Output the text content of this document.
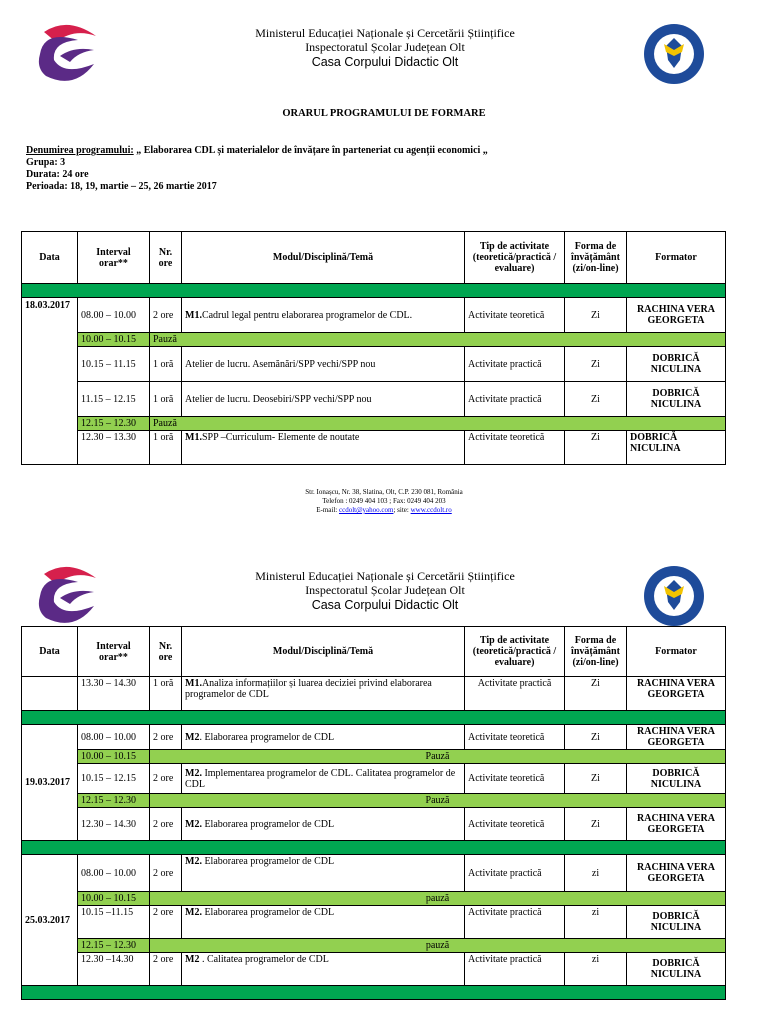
Ministerul Educației Naționale și Cercetării Științifice
Inspectoratul Școlar Județean Olt
Casa Corpului Didactic Olt
ORARUL PROGRAMULUI DE FORMARE
Denumirea programului: „ Elaborarea CDL și materialelor de învățare în parteneriat cu agenții economici „
Grupa: 3
Durata: 24 ore
Perioada: 18, 19, martie – 25, 26 martie 2017
Data	Interval orar**	Nr. ore	Modul/Disciplină/Temă	Tip de activitate (teoretică/practică / evaluare)	Forma de învățământ (zi/on-line)	Formator

18.03.2017	08.00 – 10.00	2 ore	M1.Cadrul legal pentru elaborarea programelor de CDL.	Activitate teoretică	Zi	RACHINA VERA GEORGETA
	10.00 – 10.15	Pauză				
	10.15 – 11.15	1 oră	Atelier de lucru. Asemănări/SPP vechi/SPP nou	Activitate practică	Zi	DOBRICĂ NICULINA
	11.15 – 12.15	1 oră	Atelier de lucru. Deosebiri/SPP vechi/SPP nou	Activitate practică	Zi	DOBRICĂ NICULINA
	12.15 – 12.30	Pauză				
	12.30 – 13.30	1 oră	M1.SPP –Curriculum- Elemente de noutate	Activitate teoretică	Zi	DOBRICĂ NICULINA
Str. Ionașcu, Nr. 38, Slatina, Olt, C.P. 230 081, România
Telefon : 0249 404 103 ; Fax: 0249 404 203
E-mail: ccdolt@yahoo.com; site: www.ccdolt.ro
Ministerul Educației Naționale și Cercetării Științifice
Inspectoratul Școlar Județean Olt
Casa Corpului Didactic Olt
Data	Interval orar**	Nr. ore	Modul/Disciplină/Temă	Tip de activitate (teoretică/practică / evaluare)	Forma de învățământ (zi/on-line)	Formator
	13.30 – 14.30	1 oră	M1.Analiza informațiilor și luarea deciziei privind elaborarea programelor de CDL	Activitate practică	Zi	RACHINA VERA GEORGETA

19.03.2017	08.00 – 10.00	2 ore	M2. Elaborarea programelor de CDL	Activitate teoretică	Zi	RACHINA VERA GEORGETA
	10.00 – 10.15	Pauză				
	10.15 – 12.15	2 ore	M2. Implementarea programelor de CDL. Calitatea programelor de CDL	Activitate teoretică	Zi	DOBRICĂ NICULINA
	12.15 – 12.30	Pauză				
	12.30 – 14.30	2 ore	M2. Elaborarea programelor de CDL	Activitate teoretică	Zi	RACHINA VERA GEORGETA

25.03.2017	08.00 – 10.00	2 ore	M2. Elaborarea programelor de CDL	Activitate practică	zi	RACHINA VERA GEORGETA
	10.00 – 10.15	pauză				
	10.15 –11.15	2 ore	M2. Elaborarea programelor de CDL	Activitate practică	zi	DOBRICĂ NICULINA
	12.15 – 12.30	pauză				
	12.30 –14.30	2 ore	M2 . Calitatea programelor de CDL	Activitate practică	zi	DOBRICĂ NICULINA
